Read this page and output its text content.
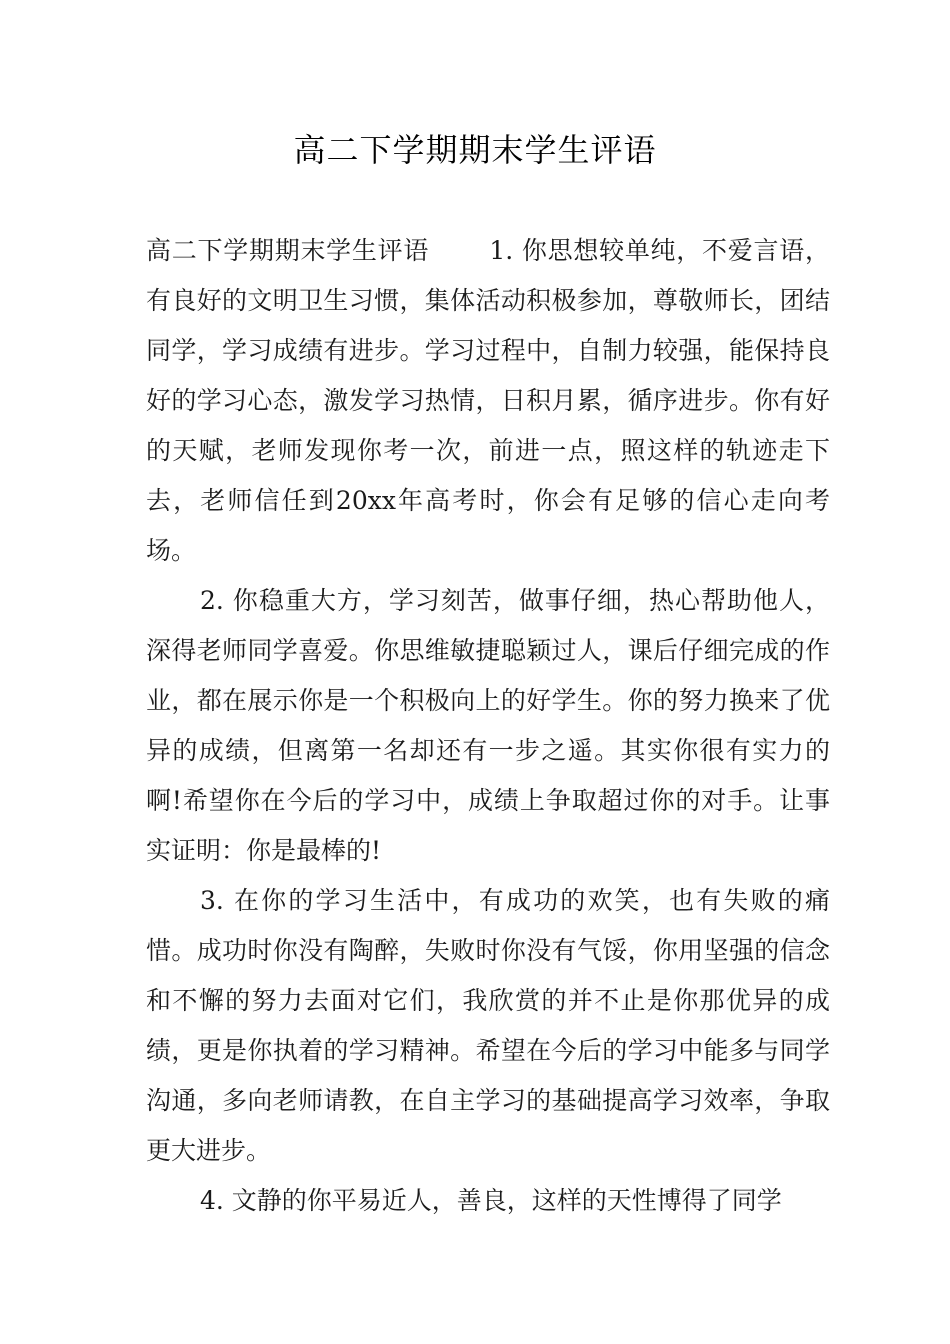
高二下学期期末学生评语

高二下学期期末学生评语　　 1. 你思想较单纯，不爱言语，有良好的文明卫生习惯，集体活动积极参加，尊敬师长，团结同学，学习成绩有进步。学习过程中，自制力较强，能保持良好的学习心态，激发学习热情，日积月累，循序进步。你有好的天赋，老师发现你考一次，前进一点，照这样的轨迹走下去，老师信任到20xx年高考时，你会有足够的信心走向考场。

2. 你稳重大方，学习刻苦，做事仔细，热心帮助他人，深得老师同学喜爱。你思维敏捷聪颖过人，课后仔细完成的作业，都在展示你是一个积极向上的好学生。你的努力换来了优异的成绩，但离第一名却还有一步之遥。其实你很有实力的啊!希望你在今后的学习中，成绩上争取超过你的对手。让事实证明：你是最棒的!

3. 在你的学习生活中，有成功的欢笑，也有失败的痛惜。成功时你没有陶醉，失败时你没有气馁，你用坚强的信念和不懈的努力去面对它们，我欣赏的并不止是你那优异的成绩，更是你执着的学习精神。希望在今后的学习中能多与同学沟通，多向老师请教，在自主学习的基础提高学习效率，争取更大进步。

4. 文静的你平易近人，善良，这样的天性博得了同学
